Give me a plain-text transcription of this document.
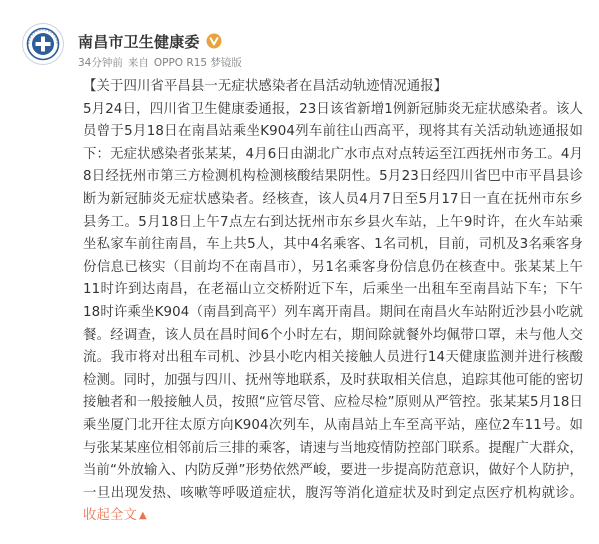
南昌市卫生健康委
34分钟前 来自 OPPO R15 梦镜版

【关于四川省平昌县一无症状感染者在昌活动轨迹情况通报】
5月24日，四川省卫生健康委通报，23日该省新增1例新冠肺炎无症状感染者。该人员曾于5月18日在南昌站乘坐K904列车前往山西高平，现将其有关活动轨迹通报如下：无症状感染者张某某，4月6日由湖北广水市点对点转运至江西抚州市务工。4月8日经抚州市第三方检测机构检测核酸结果阴性。5月23日经四川省巴中市平昌县诊断为新冠肺炎无症状感染者。经核查，该人员4月7日至5月17日一直在抚州市东乡县务工。5月18日上午7点左右到达抚州市东乡县火车站，上午9时许，在火车站乘坐私家车前往南昌，车上共5人，其中4名乘客、1名司机，目前，司机及3名乘客身份信息已核实（目前均不在南昌市），另1名乘客身份信息仍在核查中。张某某上午11时许到达南昌，在老福山立交桥附近下车，后乘坐一出租车至南昌站下车；下午18时许乘坐K904（南昌到高平）列车离开南昌。期间在南昌火车站附近沙县小吃就餐。经调查，该人员在昌时间6个小时左右，期间除就餐外均佩带口罩，未与他人交流。我市将对出租车司机、沙县小吃内相关接触人员进行14天健康监测并进行核酸检测。同时，加强与四川、抚州等地联系，及时获取相关信息，追踪其他可能的密切接触者和一般接触人员，按照“应管尽管、应检尽检”原则从严管控。张某某5月18日乘坐厦门北开往太原方向K904次列车，从南昌站上车至高平站，座位2车11号。如与张某某座位相邻前后三排的乘客，请速与当地疫情防控部门联系。提醒广大群众，当前“外放输入、内防反弹”形势依然严峻，要进一步提高防范意识，做好个人防护，一旦出现发热、咳嗽等呼吸道症状，腹泻等消化道症状及时到定点医疗机构就诊。 收起全文 ▲
